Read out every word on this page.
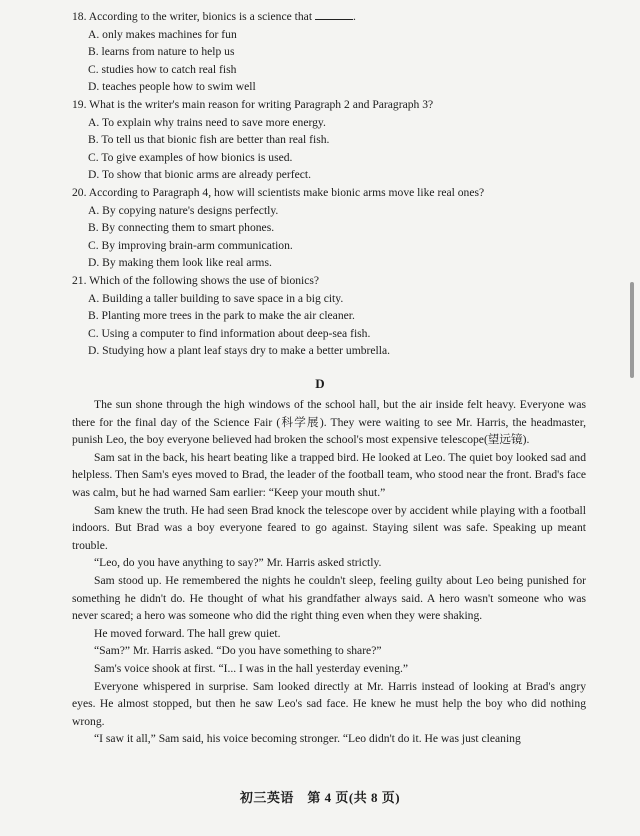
18. According to the writer, bionics is a science that	.

A. only makes machines for fun

B. learns from nature to help us

C. studies how to catch real fish

D. teaches people how to swim well

19. What is the writer's main reason for writing Paragraph 2 and Paragraph 3?

A. To explain why trains need to save more energy.

B. To tell us that bionic fish are better than real fish.

C. To give examples of how bionics is used.

D. To show that bionic arms are already perfect.

20. According to Paragraph 4, how will scientists make bionic arms move like real ones?

A. By copying nature's designs perfectly.

B. By connecting them to smart phones.

C. By improving brain-arm communication.

D. By making them look like real arms.

21. Which of the following shows the use of bionics?

A. Building a taller building to save space in a big city.

B. Planting more trees in the park to make the air cleaner.

C. Using a computer to find information about deep-sea fish.

D. Studying how a plant leaf stays dry to make a better umbrella.

D

The sun shone through the high windows of the school hall, but the air inside felt heavy. Everyone was there for the final day of the Science Fair (科学展). They were waiting to see Mr. Harris, the headmaster, punish Leo, the boy everyone believed had broken the school's most expensive telescope(望远镜).

Sam sat in the back, his heart beating like a trapped bird. He looked at Leo. The quiet boy looked sad and helpless. Then Sam's eyes moved to Brad, the leader of the football team, who stood near the front. Brad's face was calm, but he had warned Sam earlier: “Keep your mouth shut.”

Sam knew the truth. He had seen Brad knock the telescope over by accident while playing with a football indoors. But Brad was a boy everyone feared to go against. Staying silent was safe. Speaking up meant trouble.

“Leo, do you have anything to say?” Mr. Harris asked strictly.

Sam stood up. He remembered the nights he couldn't sleep, feeling guilty about Leo being punished for something he didn't do. He thought of what his grandfather always said. A hero wasn't someone who was never scared; a hero was someone who did the right thing even when they were shaking.

He moved forward. The hall grew quiet.

“Sam?” Mr. Harris asked. “Do you have something to share?”

Sam's voice shook at first. “I... I was in the hall yesterday evening.”

Everyone whispered in surprise. Sam looked directly at Mr. Harris instead of looking at Brad's angry eyes. He almost stopped, but then he saw Leo's sad face. He knew he must help the boy who did nothing wrong.

“I saw it all,” Sam said, his voice becoming stronger. “Leo didn't do it. He was just cleaning

初三英语　第 4 页(共 8 页)
